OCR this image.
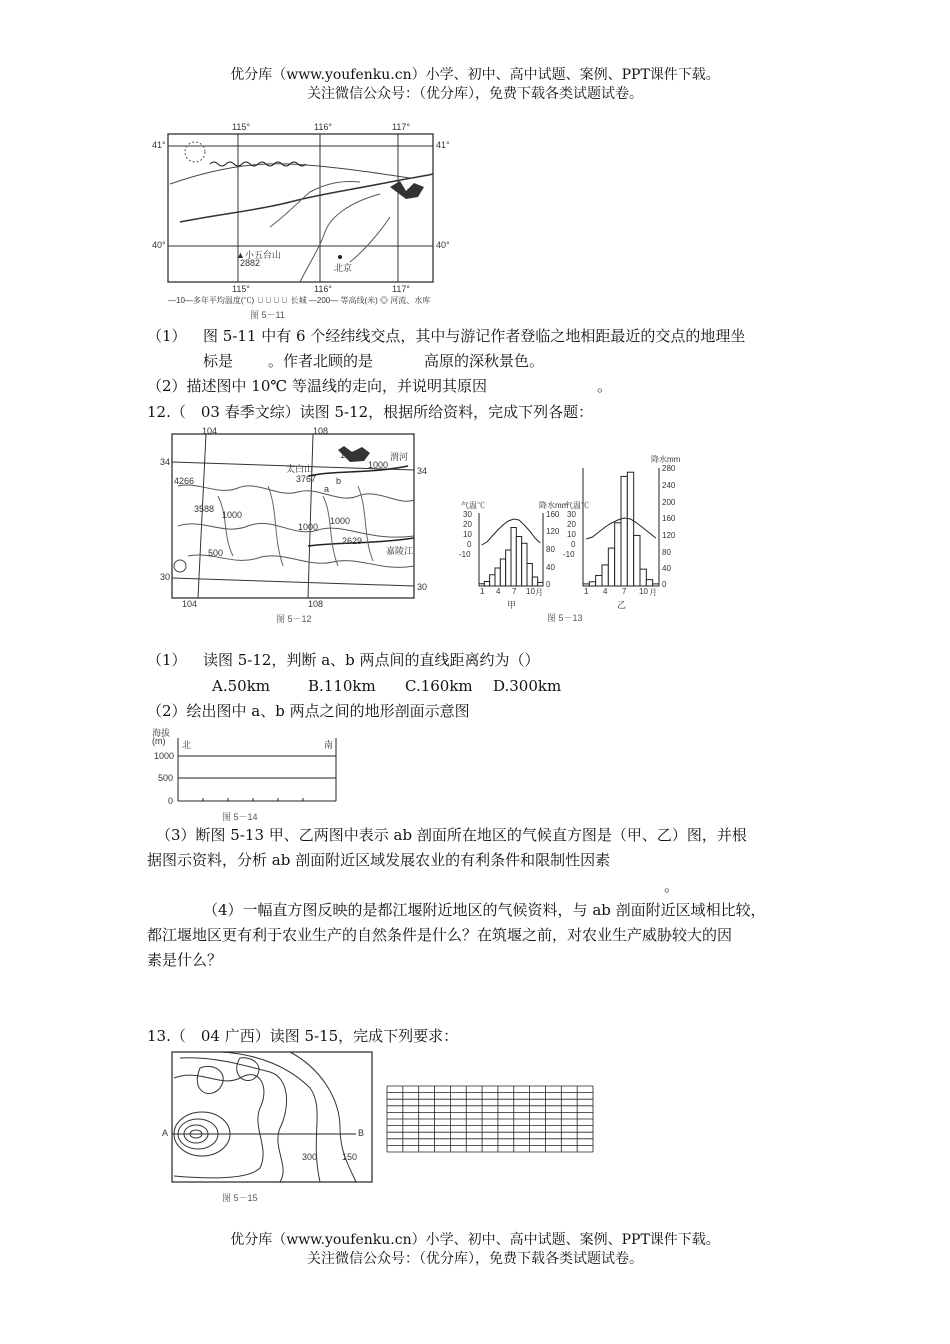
优分库（www.youfenku.cn）小学、初中、高中试题、案例、PPT课件下载。
关注微信公众号：（优分库），免费下载各类试题试卷。
115°	116°	117°
41°	41°
40°	40°
115°	116°	117°
▲小五台山
2882	北京
—10—多年平均温度(℃) ∪∪∪∪ 长城 —200— 等高线(米) ◎ 河流、水库
图 5－11
（1） 图 5-11 中有 6 个经纬线交点，其中与游记作者登临之地相距最近的交点的地理坐
标是 。作者北顾的是	高原的深秋景色。
（2）描述图中 10℃ 等温线的走向，并说明其原因	。
12.（　03 春季文综）读图 5-12，根据所给资料，完成下列各题：
104	108
34
34
30
30
104	108
4266
3588
1000
500
1000
1000
1000
2629
太白山
3767
a
b
1000	渭河
嘉陵江
图 5－12
气温℃	降水mm
30
20
10
0
-10
160
120
80
40
0
1 4 7 10 月
甲
气温℃
降水mm
30
20
10
0
-10
280
240
200
160
120
80
40
0
1 4 7 10 月
乙
图 5－13
（1） 读图 5-12，判断 a、b 两点间的直线距离约为（）
A.50km	B.110km C.160km D.300km
（2）绘出图中 a、b 两点之间的地形剖面示意图
海拔
(m) 北	南
1000
500
0
图 5－14
（3）断图 5-13 甲、乙两图中表示 ab 剖面所在地区的气候直方图是（甲、乙）图，并根
据图示资料，分析 ab 剖面附近区域发展农业的有利条件和限制性因素
。
（4）一幅直方图反映的是都江堰附近地区的气候资料，与 ab 剖面附近区域相比较，
都江堰地区更有利于农业生产的自然条件是什么？在筑堰之前，对农业生产威胁较大的因
素是什么？
13.（　04 广西）读图 5-15，完成下列要求：
A	B
300	150
图 5－15
优分库（www.youfenku.cn）小学、初中、高中试题、案例、PPT课件下载。
关注微信公众号：（优分库），免费下载各类试题试卷。
